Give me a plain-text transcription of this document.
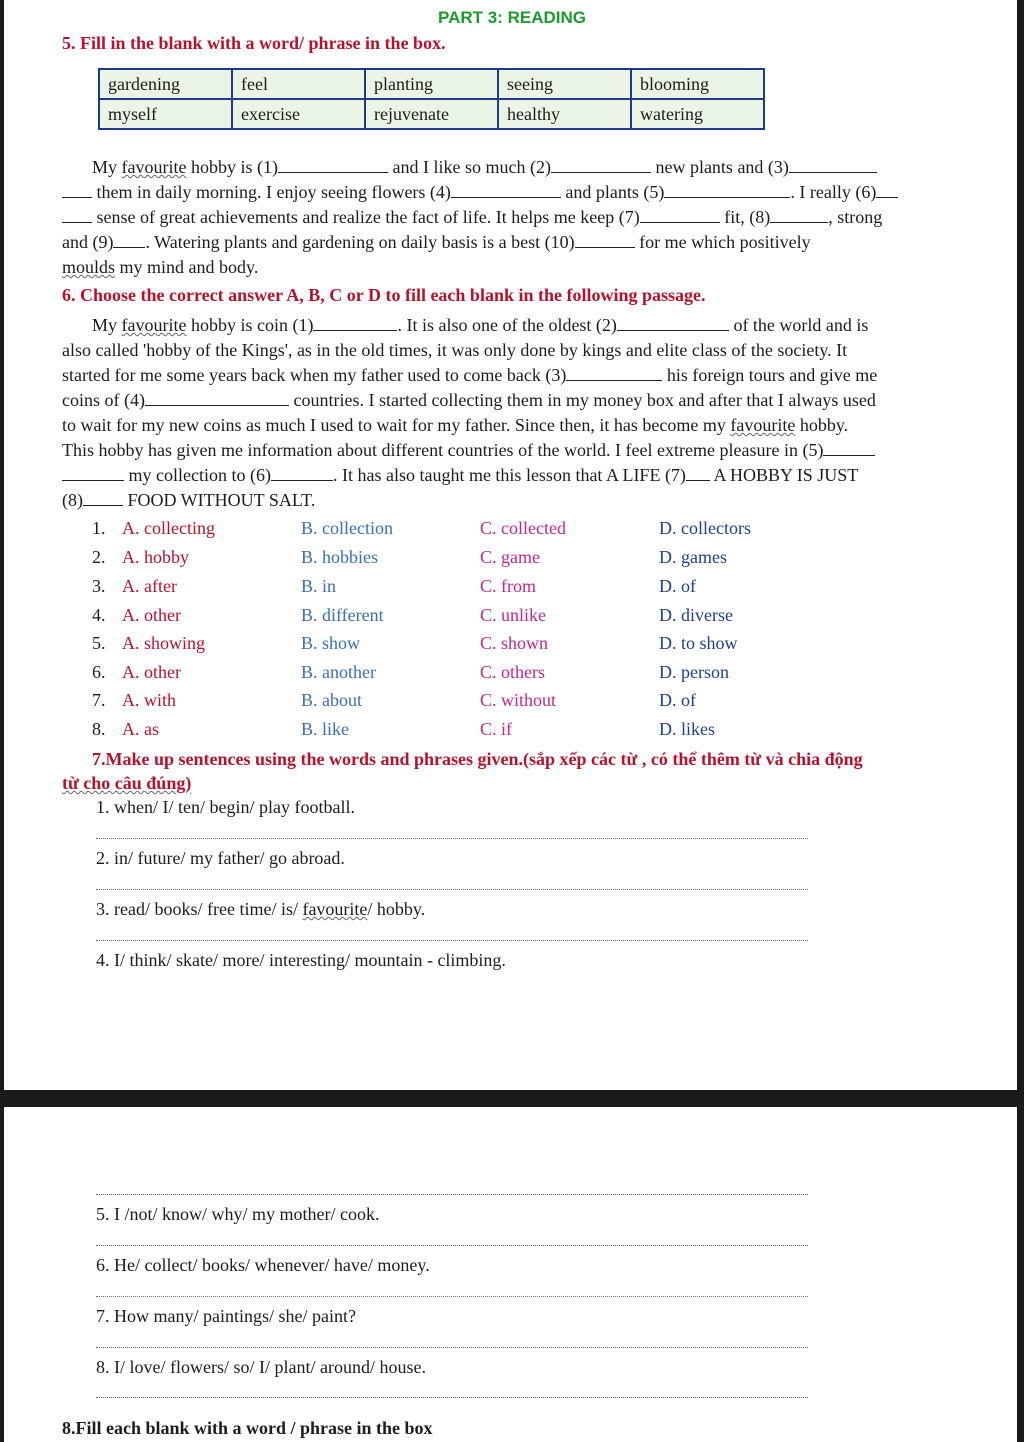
PART 3: READING
5. Fill in the blank with a word/ phrase in the box.
gardening	feel	planting	seeing	blooming
myself	exercise	rejuvenate	healthy	watering
My favourite hobby is (1)	and I like so much (2)	new plants and (3)
them in daily morning. I enjoy seeing flowers (4)	and plants (5)	. I really (6)
sense of great achievements and realize the fact of life. It helps me keep (7)	fit, (8)	, strong
and (9) . Watering plants and gardening on daily basis is a best (10)	for me which positively
moulds my mind and body.
6. Choose the correct answer A, B, C or D to fill each blank in the following passage.
My favourite hobby is coin (1)	. It is also one of the oldest (2)	of the world and is
also called 'hobby of the Kings', as in the old times, it was only done by kings and elite class of the society. It
started for me some years back when my father used to come back (3)	his foreign tours and give me
coins of (4)	countries. I started collecting them in my money box and after that I always used
to wait for my new coins as much I used to wait for my father. Since then, it has become my favourite hobby.
This hobby has given me information about different countries of the world. I feel extreme pleasure in (5)
my collection to (6)	. It has also taught me this lesson that A LIFE (7) A HOBBY IS JUST
(8) FOOD WITHOUT SALT.
1. A. collecting	B. collection	C. collected	D. collectors
2. A. hobby	B. hobbies	C. game	D. games
3. A. after	B. in	C. from	D. of
4. A. other	B. different	C. unlike	D. diverse
5. A. showing	B. show	C. shown	D. to show
6. A. other	B. another	C. others	D. person
7. A. with	B. about	C. without	D. of
8. A. as	B. like	C. if	D. likes
7.Make up sentences using the words and phrases given.(sắp xếp các từ , có thể thêm từ và chia động
từ cho câu đúng)
1. when/ I/ ten/ begin/ play football.
2. in/ future/ my father/ go abroad.
3. read/ books/ free time/ is/ favourite/ hobby.
4. I/ think/ skate/ more/ interesting/ mountain - climbing.
5. I /not/ know/ why/ my mother/ cook.
6. He/ collect/ books/ whenever/ have/ money.
7. How many/ paintings/ she/ paint?
8. I/ love/ flowers/ so/ I/ plant/ around/ house.
8.Fill each blank with a word / phrase in the box
